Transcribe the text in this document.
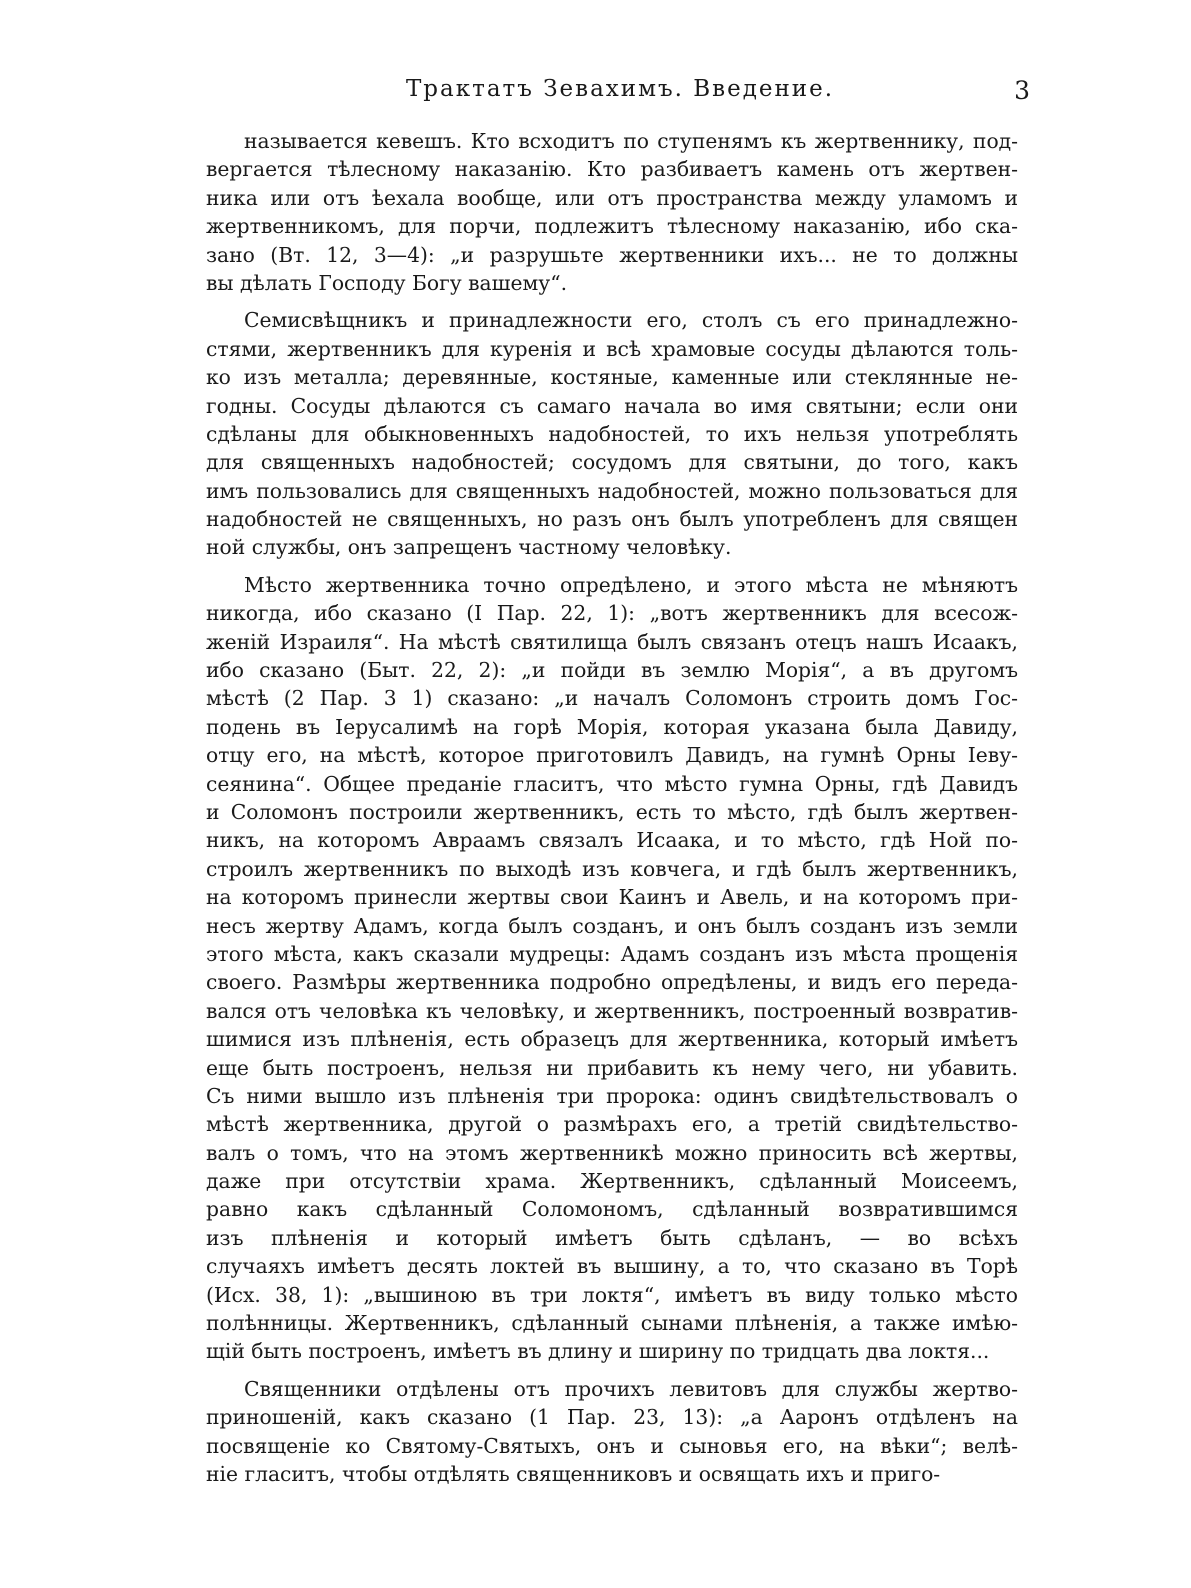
Трактатъ Зевахимъ. Введение.	3
называется кевешъ. Кто всходитъ по ступенямъ къ жертвеннику, под-
вергается тѣлесному наказанію. Кто разбиваетъ камень отъ жертвен-
ника или отъ ѣехала вообще, или отъ пространства между уламомъ и
жертвенникомъ, для порчи, подлежитъ тѣлесному наказанію, ибо ска-
зано (Вт. 12, 3—4): „и разрушьте жертвенники ихъ... не то должны
вы дѣлать Господу Богу вашему“.
Семисвѣщникъ и принадлежности его, столъ съ его принадлежно-
стями, жертвенникъ для куренія и всѣ храмовые сосуды дѣлаются толь-
ко изъ металла; деревянные, костяные, каменные или стеклянные не-
годны. Сосуды дѣлаются съ самаго начала во имя святыни; если они
сдѣланы для обыкновенныхъ надобностей, то ихъ нельзя употреблять
для священныхъ надобностей; сосудомъ для святыни, до того, какъ
имъ пользовались для священныхъ надобностей, можно пользоваться для
надобностей не священныхъ, но разъ онъ былъ употребленъ для священ
ной службы, онъ запрещенъ частному человѣку.
Мѣсто жертвенника точно опредѣлено, и этого мѣста не мѣняютъ
никогда, ибо сказано (I Пар. 22, 1): „вотъ жертвенникъ для всесож-
женій Израиля“. На мѣстѣ святилища былъ связанъ отецъ нашъ Исаакъ,
ибо сказано (Быт. 22, 2): „и пойди въ землю Морія“, а въ другомъ
мѣстѣ (2 Пар. 3 1) сказано: „и началъ Соломонъ строить домъ Гос-
подень въ Іерусалимѣ на горѣ Морія, которая указана была Давиду,
отцу его, на мѣстѣ, которое приготовилъ Давидъ, на гумнѣ Орны Іеву-
сеянина“. Общее преданіе гласитъ, что мѣсто гумна Орны, гдѣ Давидъ
и Соломонъ построили жертвенникъ, есть то мѣсто, гдѣ былъ жертвен-
никъ, на которомъ Авраамъ связалъ Исаака, и то мѣсто, гдѣ Ной по-
строилъ жертвенникъ по выходѣ изъ ковчега, и гдѣ былъ жертвенникъ,
на которомъ принесли жертвы свои Каинъ и Авель, и на которомъ при-
несъ жертву Адамъ, когда былъ созданъ, и онъ былъ созданъ изъ земли
этого мѣста, какъ сказали мудрецы: Адамъ созданъ изъ мѣста прощенія
своего. Размѣры жертвенника подробно опредѣлены, и видъ его переда-
вался отъ человѣка къ человѣку, и жертвенникъ, построенный возвратив-
шимися изъ плѣненія, есть образецъ для жертвенника, который имѣетъ
еще быть построенъ, нельзя ни прибавить къ нему чего, ни убавить.
Съ ними вышло изъ плѣненія три пророка: одинъ свидѣтельствовалъ о
мѣстѣ жертвенника, другой о размѣрахъ его, а третій свидѣтельство-
валъ о томъ, что на этомъ жертвенникѣ можно приносить всѣ жертвы,
даже при отсутствіи храма. Жертвенникъ, сдѣланный Моисеемъ,
равно какъ сдѣланный Соломономъ, сдѣланный возвратившимся
изъ плѣненія и который имѣетъ быть сдѣланъ, — во всѣхъ
случаяхъ имѣетъ десять локтей въ вышину, а то, что сказано въ Торѣ
(Исх. 38, 1): „вышиною въ три локтя“, имѣетъ въ виду только мѣсто
полѣнницы. Жертвенникъ, сдѣланный сынами плѣненія, а также имѣю-
щій быть построенъ, имѣетъ въ длину и ширину по тридцать два локтя...
Священники отдѣлены отъ прочихъ левитовъ для службы жертво-
приношеній, какъ сказано (1 Пар. 23, 13): „а Ааронъ отдѣленъ на
посвященіе ко Святому-Святыхъ, онъ и сыновья его, на вѣки“; велѣ-
ніе гласитъ, чтобы отдѣлять священниковъ и освящать ихъ и приго-
